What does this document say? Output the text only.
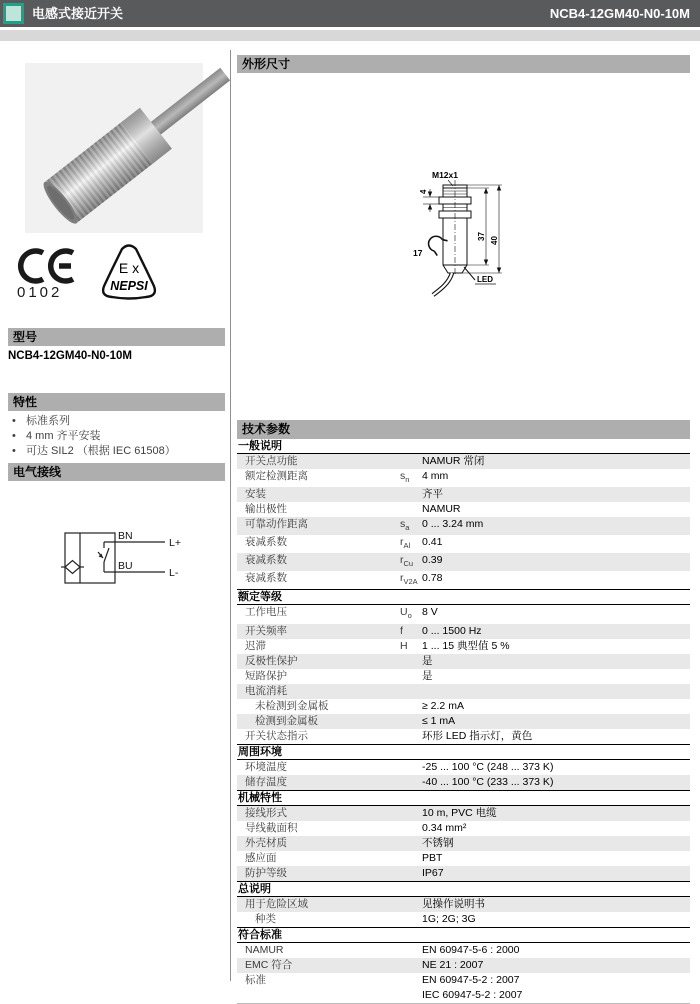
电感式接近开关	NCB4-12GM40-N0-10M
0102
E x
NEPSI
型号
NCB4-12GM40-N0-10M
特性
• 标准系列
• 4 mm 齐平安装
• 可达 SIL2 （根据 IEC 61508）
电气接线
BN
BU
L+
L-
外形尺寸
M12x1
4
17
37 40
LED
技术参数
一般说明
开关点功能	NAMUR 常闭
额定检测距离	$s_n$	4 mm
安装	齐平
输出极性	NAMUR
可靠动作距离	$s_a$	0 ... 3.24 mm
衰减系数	$r_{Al}$	0.41
衰减系数	$r_{Cu}$ 0.39
衰减系数	$r_{V2A}$ 0.78
额定等级
工作电压	$U_o$ 8 V
开关频率	f	0 ... 1500 Hz
迟滞	H	1 ... 15 典型值 5 %
反极性保护	是
短路保护	是
电流消耗

未检测到金属板	≥ 2.2 mA
检测到金属板	≤ 1 mA
开关状态指示	环形 LED 指示灯，黄色
周围环境
环境温度	-25 ... 100 °C (248 ... 373 K)
储存温度	-40 ... 100 °C (233 ... 373 K)
机械特性
接线形式	10 m, PVC 电缆
导线截面积	0.34 mm²
外壳材质	不锈钢
感应面	PBT
防护等级	IP67
总说明
用于危险区域	见操作说明书
种类	1G; 2G; 3G
符合标准
NAMUR	EN 60947-5-6 : 2000
EMC 符合	NE 21 : 2007
标准	EN 60947-5-2 : 2007
IEC 60947-5-2 : 2007
